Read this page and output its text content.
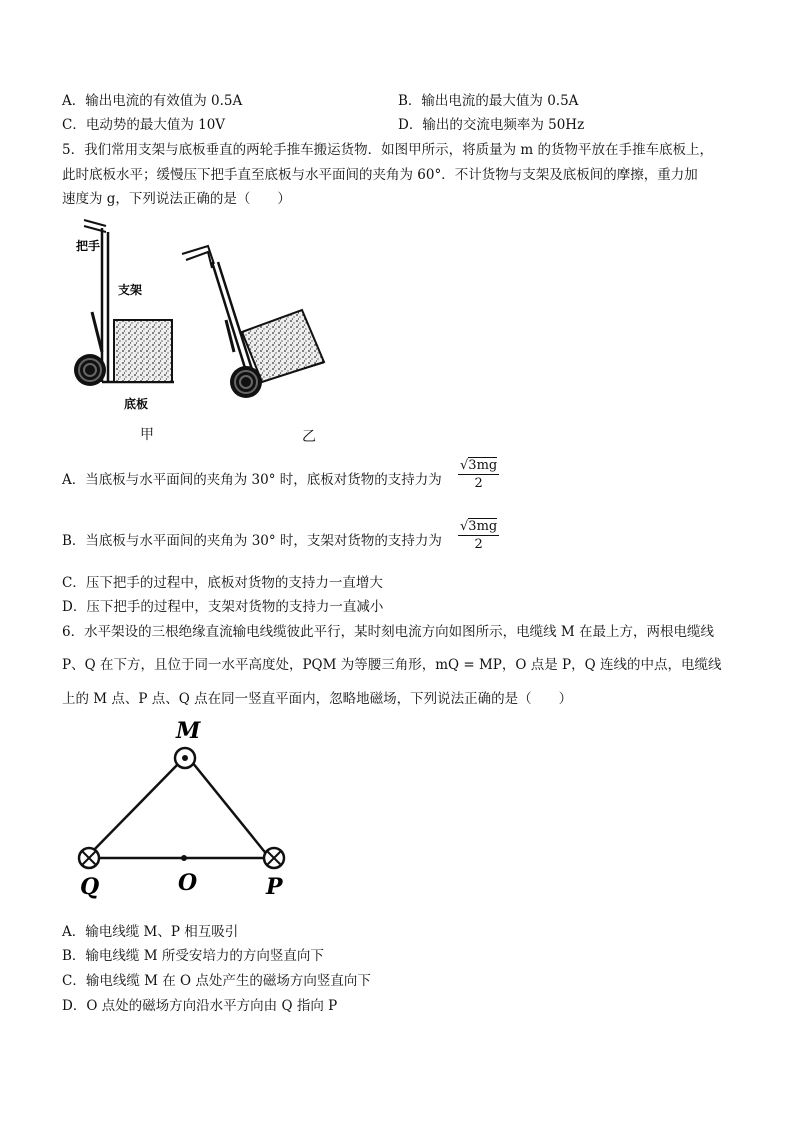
A．输出电流的有效值为 0.5A	B．输出电流的最大值为 0.5A
C．电动势的最大值为 10V	D．输出的交流电频率为 50Hz
5．我们常用支架与底板垂直的两轮手推车搬运货物．如图甲所示，将质量为 m 的货物平放在手推车底板上，
此时底板水平；缓慢压下把手直至底板与水平面间的夹角为 60°．不计货物与支架及底板间的摩擦，重力加
速度为 g，下列说法正确的是（　　）
把手
支架
底板
甲	乙
A．当底板与水平面间的夹角为 30° 时，底板对货物的支持力为 $\frac{√3mg}{2}$
B．当底板与水平面间的夹角为 30° 时，支架对货物的支持力为 $\frac{√3mg}{2}$
C．压下把手的过程中，底板对货物的支持力一直增大
D．压下把手的过程中，支架对货物的支持力一直减小
6．水平架设的三根绝缘直流输电线缆彼此平行，某时刻电流方向如图所示，电缆线 M 在最上方，两根电缆线
P、Q 在下方，且位于同一水平高度处，PQM 为等腰三角形，mQ = MP，O 点是 P，Q 连线的中点，电缆线
上的 M 点、P 点、Q 点在同一竖直平面内，忽略地磁场，下列说法正确的是（　　）
M
Q	O	P
A．输电线缆 M、P 相互吸引
B．输电线缆 M 所受安培力的方向竖直向下
C．输电线缆 M 在 O 点处产生的磁场方向竖直向下
D．O 点处的磁场方向沿水平方向由 Q 指向 P
